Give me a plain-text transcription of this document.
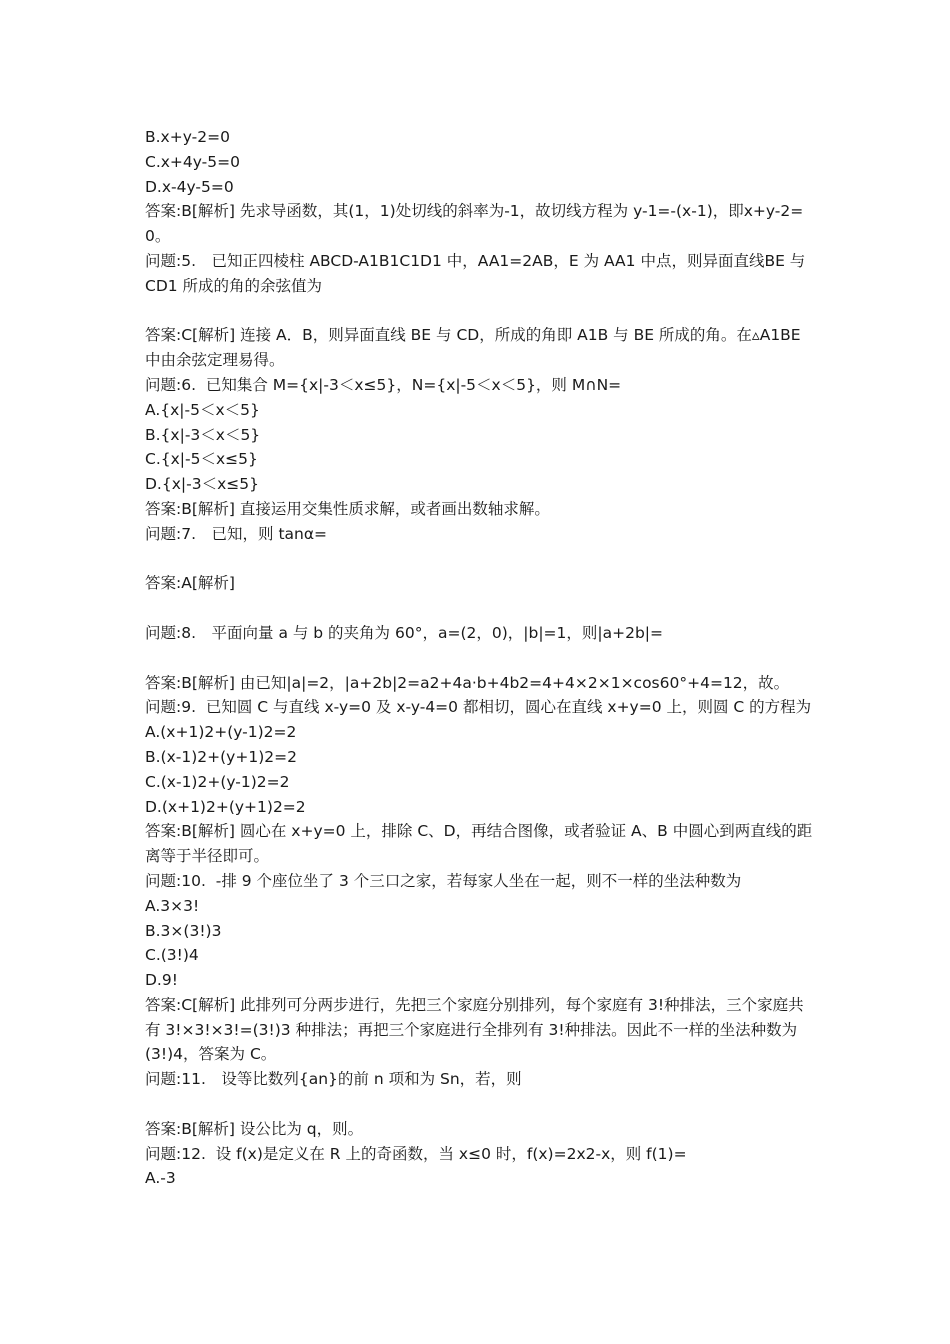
B.x+y-2=0
C.x+4y-5=0
D.x-4y-5=0
答案:B[解析] 先求导函数，其(1，1)处切线的斜率为-1，故切线方程为 y-1=-(x-1)，即x+y-2=0。
问题:5.　已知正四棱柱 ABCD-A1B1C1D1 中，AA1=2AB，E 为 AA1 中点，则异面直线BE 与 CD1 所成的角的余弦值为
答案:C[解析] 连接 A．B，则异面直线 BE 与 CD，所成的角即 A1B 与 BE 所成的角。在▵A1BE 中由余弦定理易得。
问题:6.  已知集合 M={x|-3＜x≤5}，N={x|-5＜x＜5}，则 M∩N=
A.{x|-5＜x＜5}
B.{x|-3＜x＜5}
C.{x|-5＜x≤5}
D.{x|-3＜x≤5}
答案:B[解析] 直接运用交集性质求解，或者画出数轴求解。
问题:7.　已知，则 tanα=
答案:A[解析]
问题:8.　平面向量 a 与 b 的夹角为 60°，a=(2，0)，|b|=1，则|a+2b|=
答案:B[解析] 由已知|a|=2，|a+2b|2=a2+4a·b+4b2=4+4×2×1×cos60°+4=12，故。
问题:9.  已知圆 C 与直线 x-y=0 及 x-y-4=0 都相切，圆心在直线 x+y=0 上，则圆 C 的方程为
A.(x+1)2+(y-1)2=2
B.(x-1)2+(y+1)2=2
C.(x-1)2+(y-1)2=2
D.(x+1)2+(y+1)2=2
答案:B[解析] 圆心在 x+y=0 上，排除 C、D，再结合图像，或者验证 A、B 中圆心到两直线的距离等于半径即可。
问题:10.  -排 9 个座位坐了 3 个三口之家，若每家人坐在一起，则不一样的坐法种数为
A.3×3!
B.3×(3!)3
C.(3!)4
D.9!
答案:C[解析] 此排列可分两步进行，先把三个家庭分别排列，每个家庭有 3!种排法，三个家庭共有 3!×3!×3!=(3!)3 种排法；再把三个家庭进行全排列有 3!种排法。因此不一样的坐法种数为(3!)4，答案为 C。
问题:11.　设等比数列{an}的前 n 项和为 Sn，若，则
答案:B[解析] 设公比为 q，则。
问题:12.  设 f(x)是定义在 R 上的奇函数，当 x≤0 时，f(x)=2x2-x，则 f(1)=
A.-3
